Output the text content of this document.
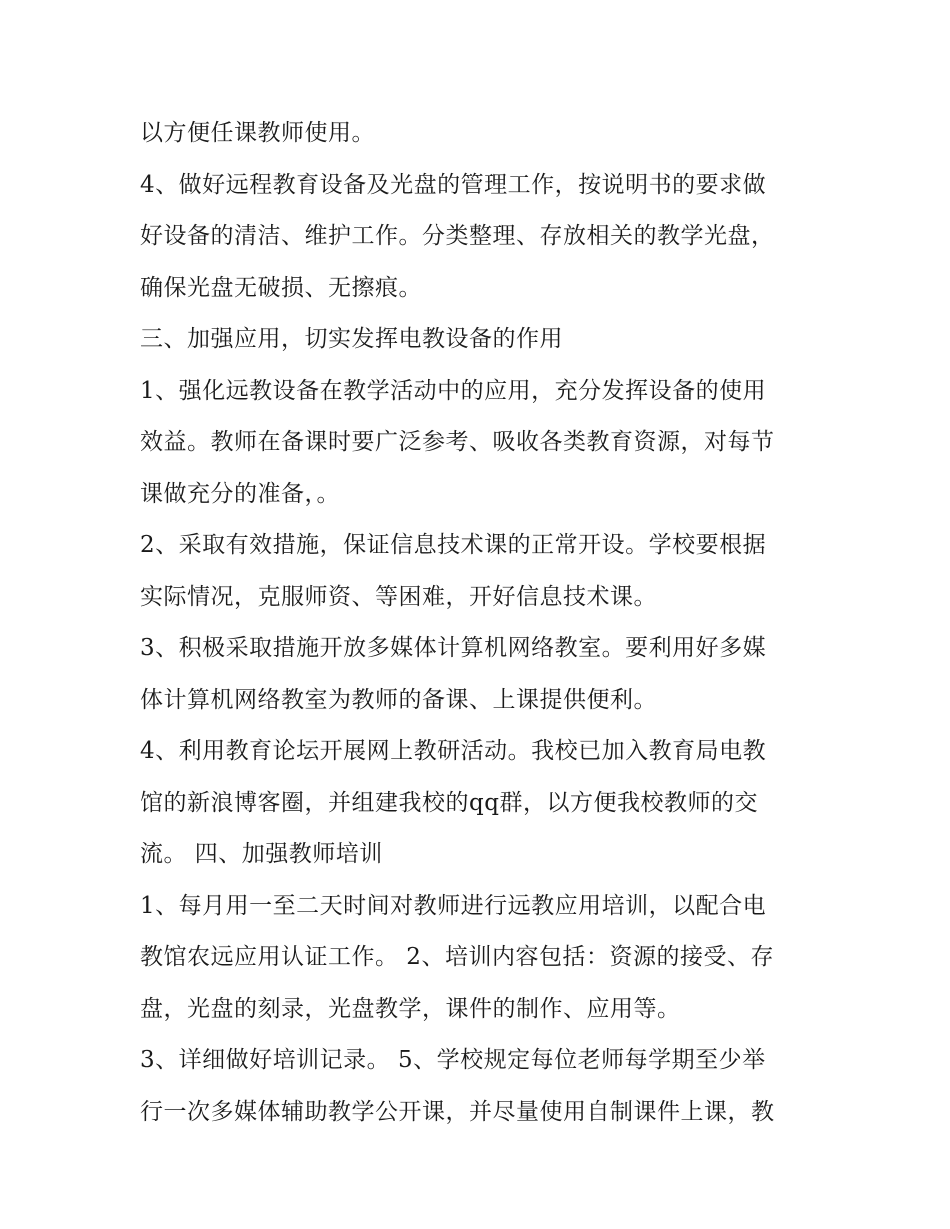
以方便任课教师使用。
4、做好远程教育设备及光盘的管理工作，按说明书的要求做
好设备的清洁、维护工作。分类整理、存放相关的教学光盘，
确保光盘无破损、无擦痕。
三、加强应用，切实发挥电教设备的作用
1、强化远教设备在教学活动中的应用，充分发挥设备的使用
效益。教师在备课时要广泛参考、吸收各类教育资源，对每节
课做充分的准备，。
2、采取有效措施，保证信息技术课的正常开设。学校要根据
实际情况，克服师资、等困难，开好信息技术课。
3、积极采取措施开放多媒体计算机网络教室。要利用好多媒
体计算机网络教室为教师的备课、上课提供便利。
4、利用教育论坛开展网上教研活动。我校已加入教育局电教
馆的新浪博客圈，并组建我校的qq群，以方便我校教师的交
流。 四、加强教师培训
1、每月用一至二天时间对教师进行远教应用培训，以配合电
教馆农远应用认证工作。 2、培训内容包括：资源的接受、存
盘，光盘的刻录，光盘教学，课件的制作、应用等。
3、详细做好培训记录。 5、学校规定每位老师每学期至少举
行一次多媒体辅助教学公开课，并尽量使用自制课件上课，教
